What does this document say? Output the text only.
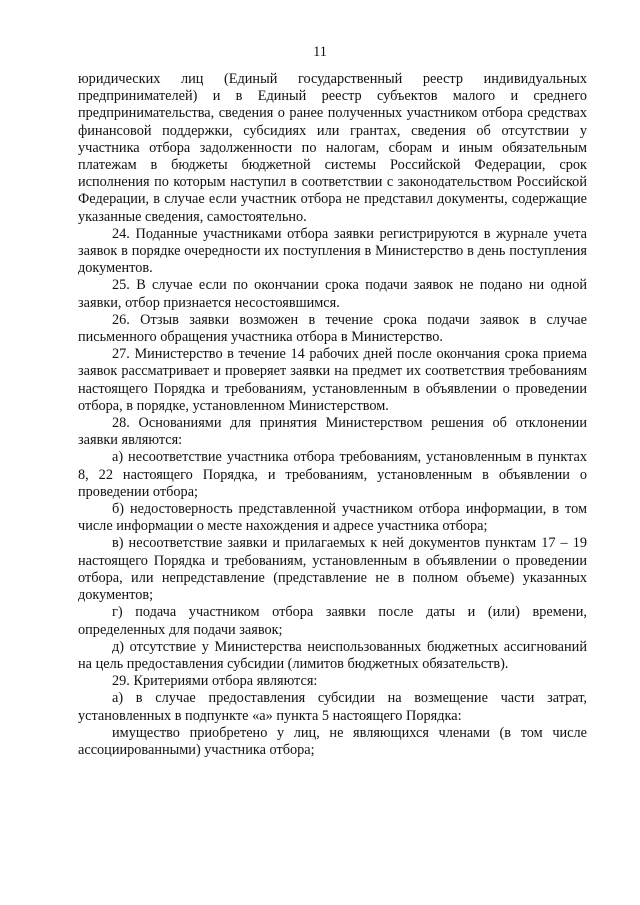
11

юридических лиц (Единый государственный реестр индивидуальных предпринимателей) и в Единый реестр субъектов малого и среднего предпринимательства, сведения о ранее полученных участником отбора средствах финансовой поддержки, субсидиях или грантах, сведения об отсутствии у участника отбора задолженности по налогам, сборам и иным обязательным платежам в бюджеты бюджетной системы Российской Федерации, срок исполнения по которым наступил в соответствии с законодательством Российской Федерации, в случае если участник отбора не представил документы, содержащие указанные сведения, самостоятельно.

24. Поданные участниками отбора заявки регистрируются в журнале учета заявок в порядке очередности их поступления в Министерство в день поступления документов.

25. В случае если по окончании срока подачи заявок не подано ни одной заявки, отбор признается несостоявшимся.

26. Отзыв заявки возможен в течение срока подачи заявок в случае письменного обращения участника отбора в Министерство.

27. Министерство в течение 14 рабочих дней после окончания срока приема заявок рассматривает и проверяет заявки на предмет их соответствия требованиям настоящего Порядка и требованиям, установленным в объявлении о проведении отбора, в порядке, установленном Министерством.

28. Основаниями для принятия Министерством решения об отклонении заявки являются:

а) несоответствие участника отбора требованиям, установленным в пунктах 8, 22 настоящего Порядка, и требованиям, установленным в объявлении о проведении отбора;

б) недостоверность представленной участником отбора информации, в том числе информации о месте нахождения и адресе участника отбора;

в) несоответствие заявки и прилагаемых к ней документов пунктам 17 – 19 настоящего Порядка и требованиям, установленным в объявлении о проведении отбора, или непредставление (представление не в полном объеме) указанных документов;

г) подача участником отбора заявки после даты и (или) времени, определенных для подачи заявок;

д) отсутствие у Министерства неиспользованных бюджетных ассигнований на цель предоставления субсидии (лимитов бюджетных обязательств).

29. Критериями отбора являются:

а) в случае предоставления субсидии на возмещение части затрат, установленных в подпункте «а» пункта 5 настоящего Порядка:

имущество приобретено у лиц, не являющихся членами (в том числе ассоциированными) участника отбора;
